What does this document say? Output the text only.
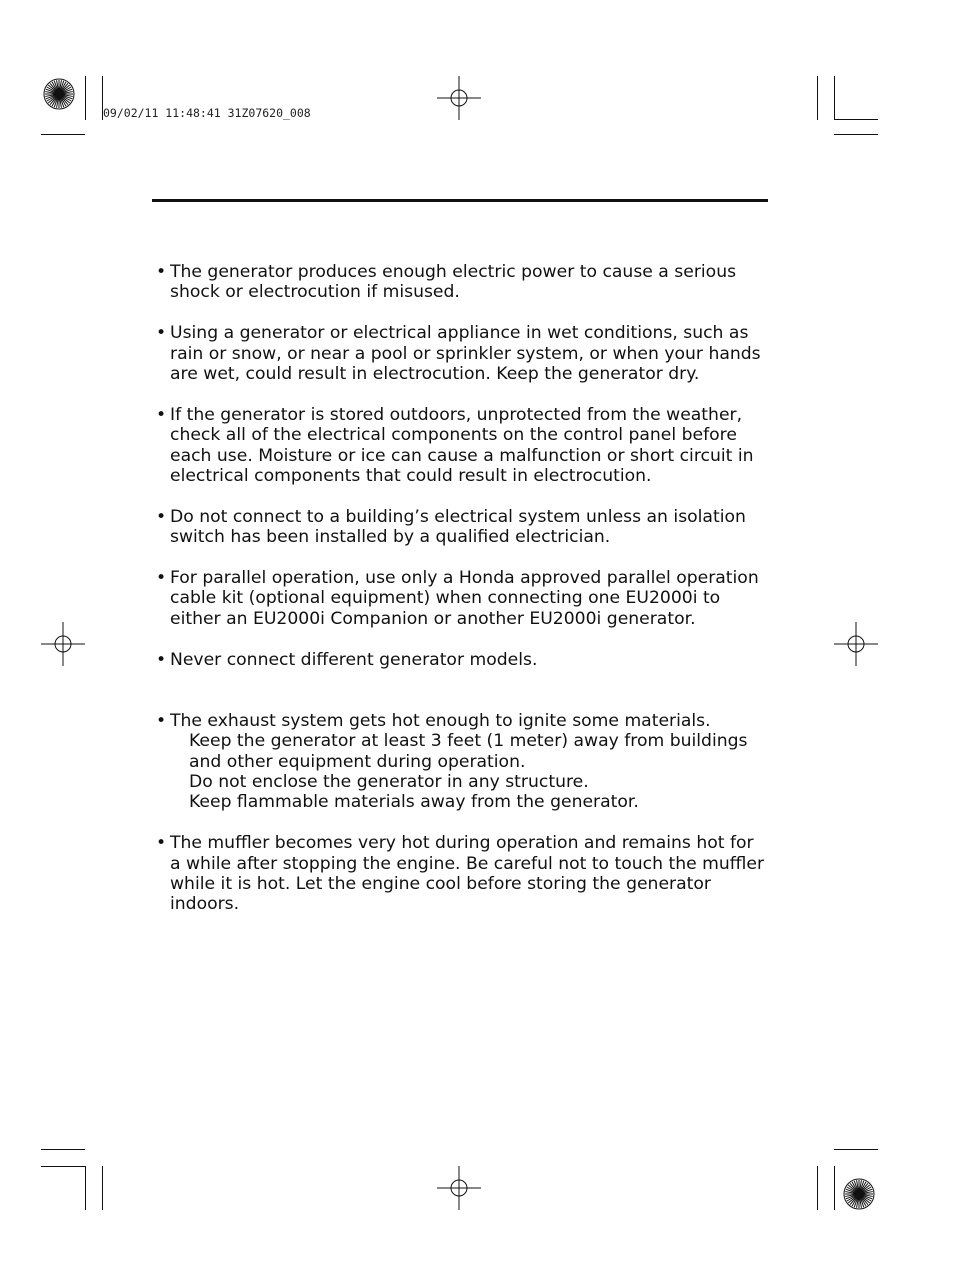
09/02/11 11:48:41 31Z07620_008
• The generator produces enough electric power to cause a serious
shock or electrocution if misused.
• Using a generator or electrical appliance in wet conditions, such as
rain or snow, or near a pool or sprinkler system, or when your hands
are wet, could result in electrocution. Keep the generator dry.
• If the generator is stored outdoors, unprotected from the weather,
check all of the electrical components on the control panel before
each use. Moisture or ice can cause a malfunction or short circuit in
electrical components that could result in electrocution.
• Do not connect to a building’s electrical system unless an isolation
switch has been installed by a qualified electrician.
• For parallel operation, use only a Honda approved parallel operation
cable kit (optional equipment) when connecting one EU2000i to
either an EU2000i Companion or another EU2000i generator.
• Never connect different generator models.
• The exhaust system gets hot enough to ignite some materials.
Keep the generator at least 3 feet (1 meter) away from buildings
and other equipment during operation.
Do not enclose the generator in any structure.
Keep flammable materials away from the generator.
• The muffler becomes very hot during operation and remains hot for
a while after stopping the engine. Be careful not to touch the muffler
while it is hot. Let the engine cool before storing the generator
indoors.
